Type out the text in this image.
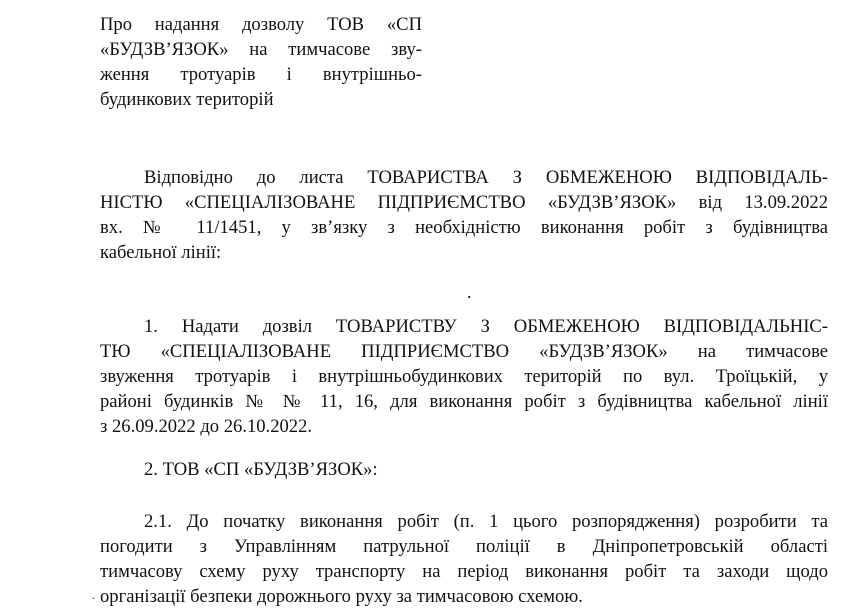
Про надання дозволу ТОВ «СП
«БУДЗВ’ЯЗОК» на тимчасове зву-
ження тротуарів і внутрішньо-
будинкових територій
Відповідно до листа ТОВАРИСТВА З ОБМЕЖЕНОЮ ВІДПОВІДАЛЬ-
НІСТЮ «СПЕЦІАЛІЗОВАНЕ ПІДПРИЄМСТВО «БУДЗВ’ЯЗОК» від 13.09.2022
вх. № 11/1451, у зв’язку з необхідністю виконання робіт з будівництва
кабельної лінії:
.
1. Надати дозвіл ТОВАРИСТВУ З ОБМЕЖЕНОЮ ВІДПОВІДАЛЬНІС-
ТЮ «СПЕЦІАЛІЗОВАНЕ ПІДПРИЄМСТВО «БУДЗВ’ЯЗОК» на тимчасове
звуження тротуарів і внутрішньобудинкових територій по вул. Троїцькій, у
районі будинків № № 11, 16, для виконання робіт з будівництва кабельної лінії
з 26.09.2022 до 26.10.2022.
2. ТОВ «СП «БУДЗВ’ЯЗОК»:
2.1. До початку виконання робіт (п. 1 цього розпорядження) розробити та
погодити з Управлінням патрульної поліції в Дніпропетровській області
тимчасову схему руху транспорту на період виконання робіт та заходи щодо
організації безпеки дорожнього руху за тимчасовою схемою.
.
